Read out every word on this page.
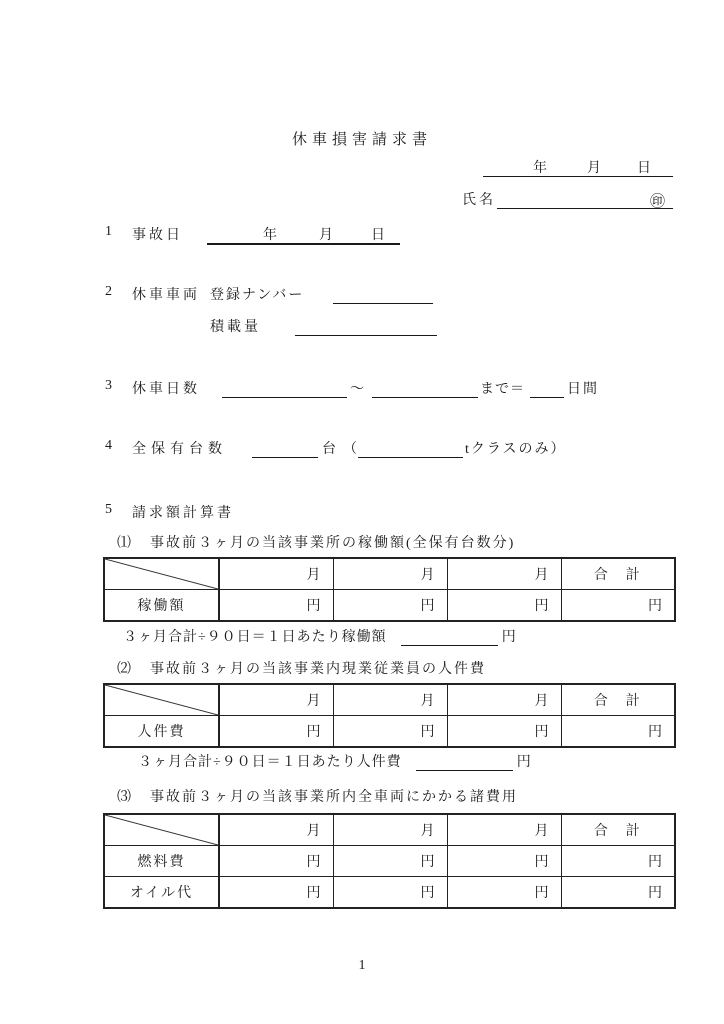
休車損害請求書
年	月	日
氏名	㊞
1 事故日	年	月	日
2 休車車両 登録ナンバー
積載量
3 休車日数	～	まで＝	日間
4 全保有台数	台 （	tクラスのみ）
5 請求額計算書
⑴ 事故前３ヶ月の当該事業所の稼働額(全保有台数分)
	月	月	月	合　計
稼働額	円	円	円	円
３ヶ月合計÷９０日＝１日あたり稼働額	円
⑵ 事故前３ヶ月の当該事業内現業従業員の人件費
	月	月	月	合　計
人件費	円	円	円	円
３ヶ月合計÷９０日＝１日あたり人件費	円
⑶ 事故前３ヶ月の当該事業所内全車両にかかる諸費用
	月	月	月	合　計
燃料費	円	円	円	円
オイル代	円	円	円	円
1
